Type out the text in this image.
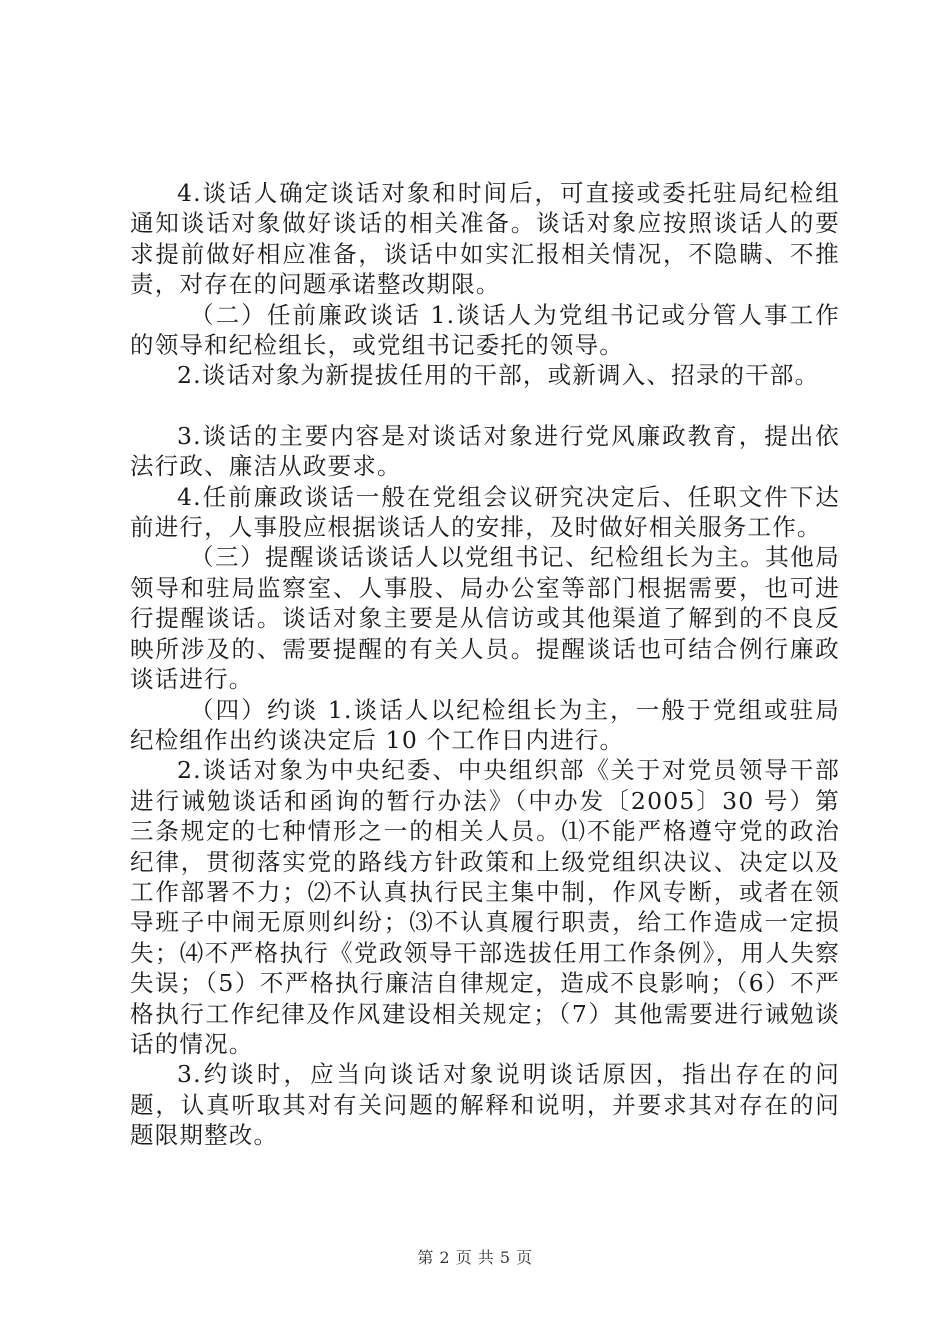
4.谈话人确定谈话对象和时间后，可直接或委托驻局纪检组通知谈话对象做好谈话的相关准备。谈话对象应按照谈话人的要求提前做好相应准备，谈话中如实汇报相关情况，不隐瞒、不推责，对存在的问题承诺整改期限。

（二）任前廉政谈话 1.谈话人为党组书记或分管人事工作的领导和纪检组长，或党组书记委托的领导。

2.谈话对象为新提拔任用的干部，或新调入、招录的干部。

3.谈话的主要内容是对谈话对象进行党风廉政教育，提出依法行政、廉洁从政要求。

4.任前廉政谈话一般在党组会议研究决定后、任职文件下达前进行，人事股应根据谈话人的安排，及时做好相关服务工作。

（三）提醒谈话谈话人以党组书记、纪检组长为主。其他局领导和驻局监察室、人事股、局办公室等部门根据需要，也可进行提醒谈话。谈话对象主要是从信访或其他渠道了解到的不良反映所涉及的、需要提醒的有关人员。提醒谈话也可结合例行廉政谈话进行。

（四）约谈 1.谈话人以纪检组长为主，一般于党组或驻局纪检组作出约谈决定后 10 个工作日内进行。

2.谈话对象为中央纪委、中央组织部《关于对党员领导干部进行诫勉谈话和函询的暂行办法》（中办发〔2005〕30 号）第三条规定的七种情形之一的相关人员。⑴不能严格遵守党的政治纪律，贯彻落实党的路线方针政策和上级党组织决议、决定以及工作部署不力；⑵不认真执行民主集中制，作风专断，或者在领导班子中闹无原则纠纷；⑶不认真履行职责，给工作造成一定损失；⑷不严格执行《党政领导干部选拔任用工作条例》，用人失察失误；（5）不严格执行廉洁自律规定，造成不良影响；（6）不严格执行工作纪律及作风建设相关规定；（7）其他需要进行诫勉谈话的情况。

3.约谈时，应当向谈话对象说明谈话原因，指出存在的问题，认真听取其对有关问题的解释和说明，并要求其对存在的问题限期整改。

第 2 页 共 5 页
